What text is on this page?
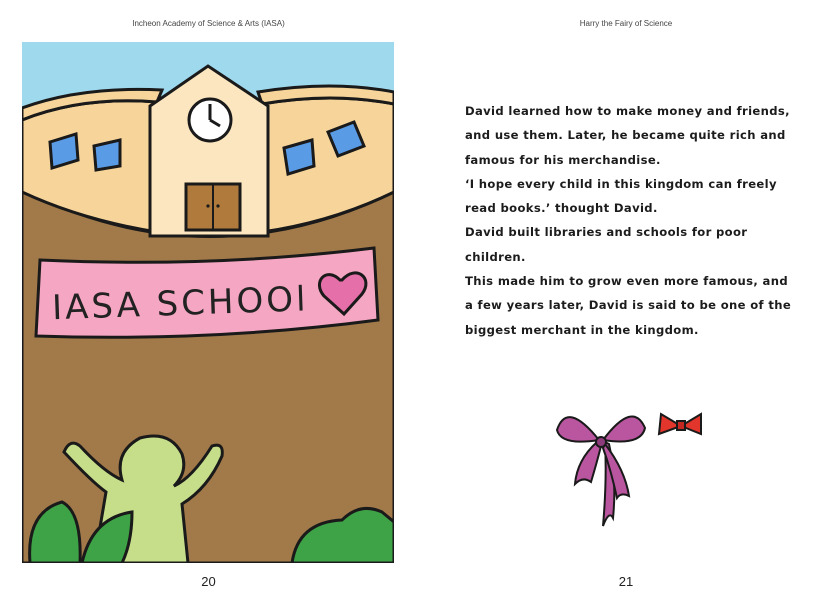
Incheon Academy of Science & Arts (IASA)
IASA SCHOOl
20
Harry the Fairy of Science

David learned how to make money and friends,

and use them. Later, he became quite rich and

famous for his merchandise.

‘I hope every child in this kingdom can freely

read books.’ thought David.

David built libraries and schools for poor

children.

This made him to grow even more famous, and

a few years later, David is said to be one of the

biggest merchant in the kingdom.

21
